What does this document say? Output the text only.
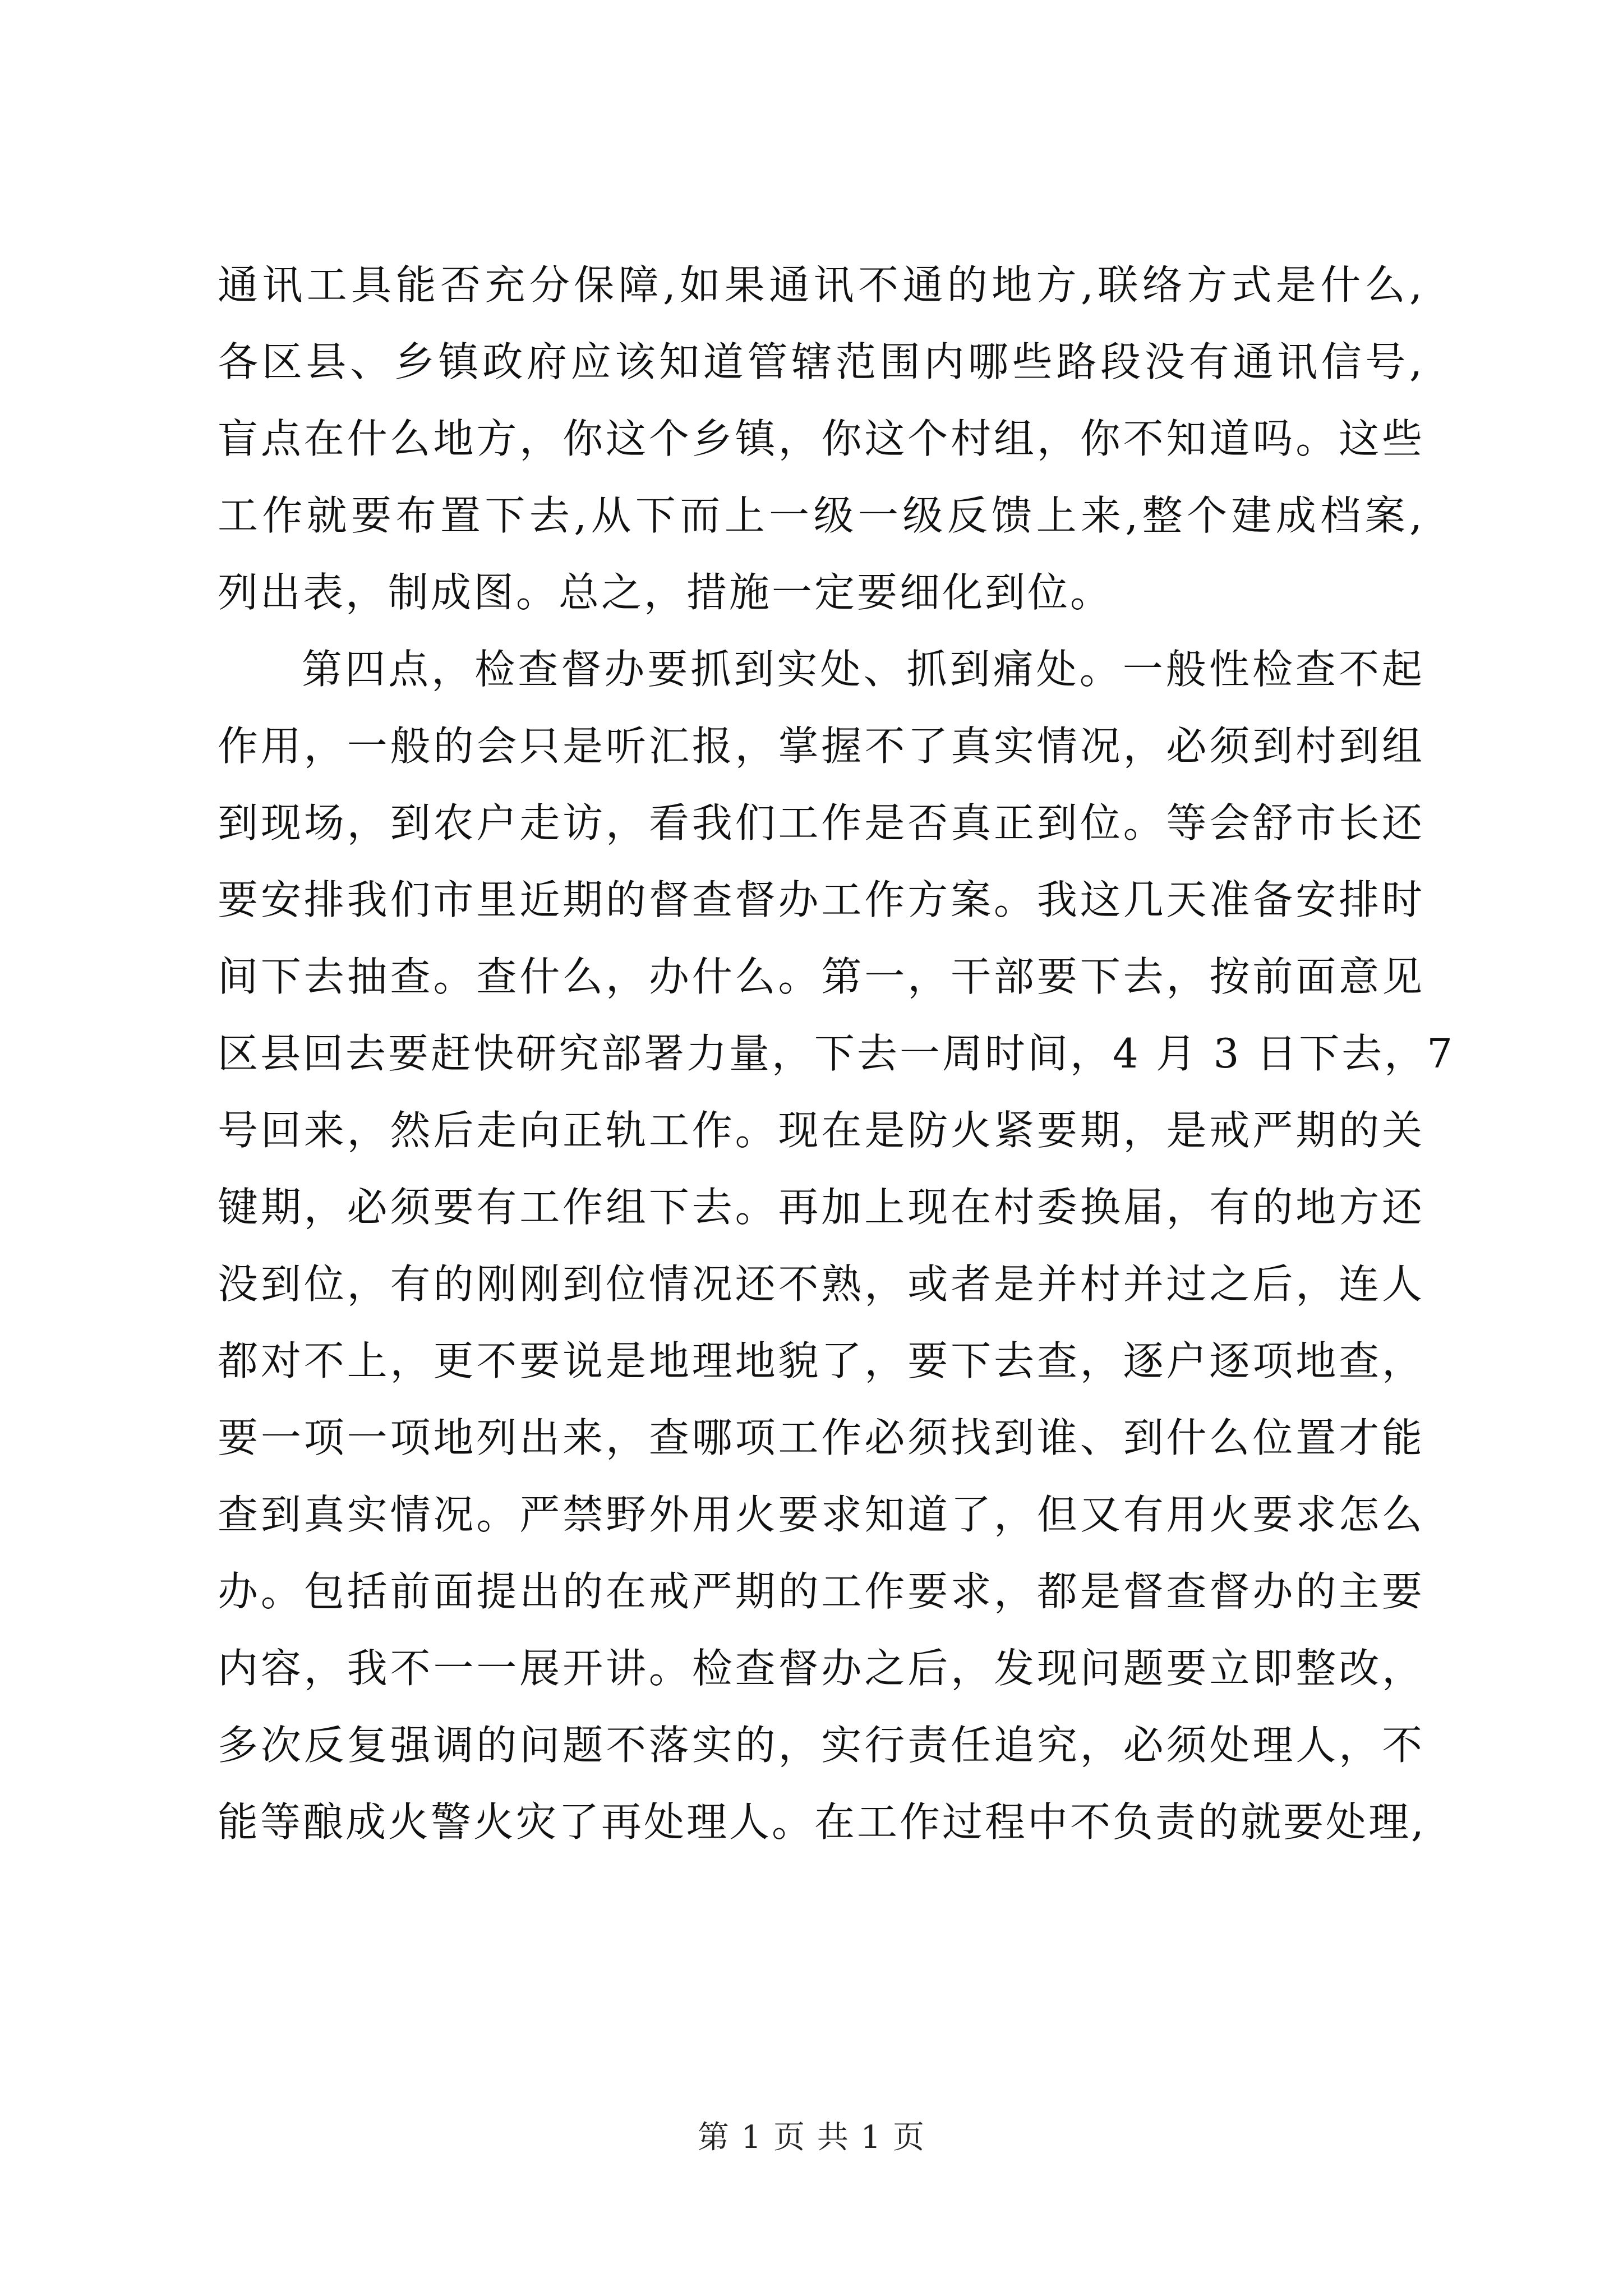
通讯工具能否充分保障,如果通讯不通的地方,联络方式是什么,
各区县、乡镇政府应该知道管辖范围内哪些路段没有通讯信号,
盲点在什么地方，你这个乡镇，你这个村组，你不知道吗。这些
工作就要布置下去,从下而上一级一级反馈上来,整个建成档案,
列出表，制成图。总之，措施一定要细化到位。
第四点，检查督办要抓到实处、抓到痛处。一般性检查不起
作用，一般的会只是听汇报，掌握不了真实情况，必须到村到组
到现场，到农户走访，看我们工作是否真正到位。等会舒市长还
要安排我们市里近期的督查督办工作方案。我这几天准备安排时
间下去抽查。查什么，办什么。第一，干部要下去，按前面意见
区县回去要赶快研究部署力量，下去一周时间，4 月 3 日下去，7
号回来，然后走向正轨工作。现在是防火紧要期，是戒严期的关
键期，必须要有工作组下去。再加上现在村委换届，有的地方还
没到位，有的刚刚到位情况还不熟，或者是并村并过之后，连人
都对不上，更不要说是地理地貌了，要下去查，逐户逐项地查，
要一项一项地列出来，查哪项工作必须找到谁、到什么位置才能
查到真实情况。严禁野外用火要求知道了，但又有用火要求怎么
办。包括前面提出的在戒严期的工作要求，都是督查督办的主要
内容，我不一一展开讲。检查督办之后，发现问题要立即整改，
多次反复强调的问题不落实的，实行责任追究，必须处理人，不
能等酿成火警火灾了再处理人。在工作过程中不负责的就要处理,
第 1 页 共 1 页
